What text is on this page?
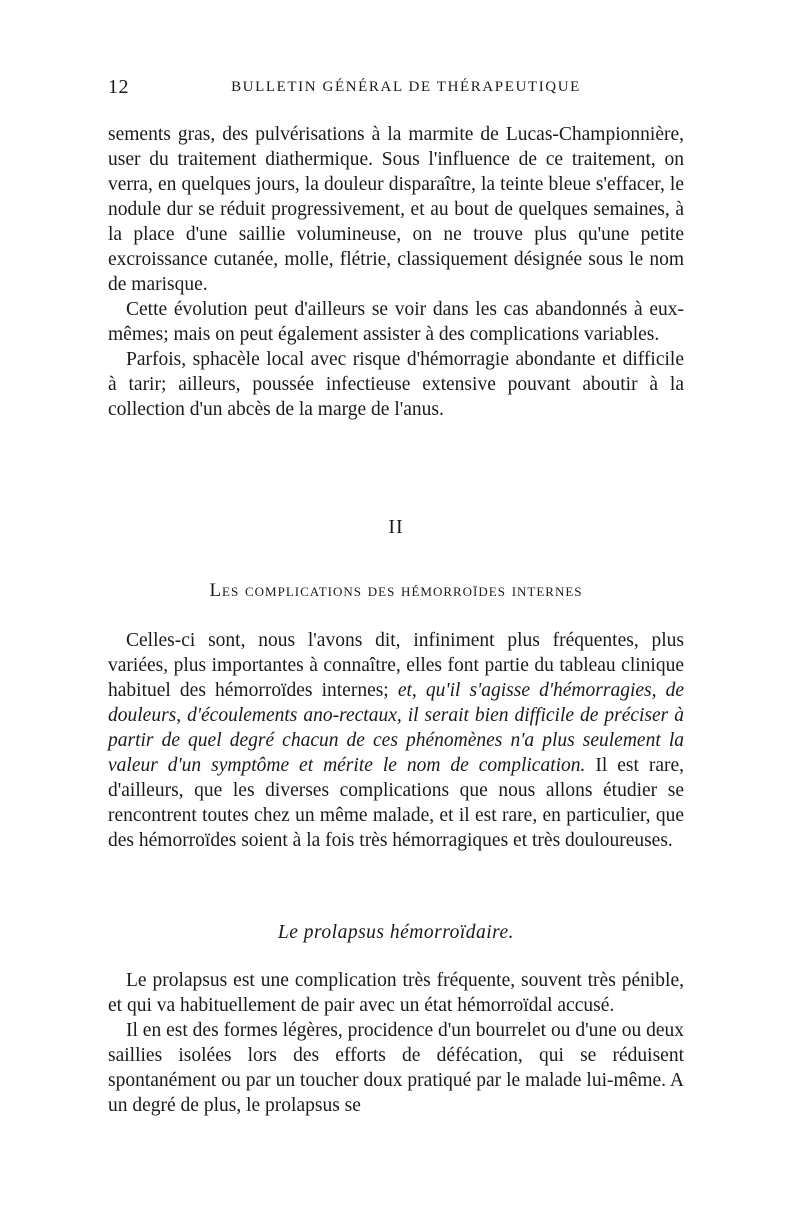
12	BULLETIN GÉNÉRAL DE THÉRAPEUTIQUE

sements gras, des pulvérisations à la marmite de Lucas-Championnière, user du traitement diathermique. Sous l'influence de ce traitement, on verra, en quelques jours, la douleur disparaître, la teinte bleue s'effacer, le nodule dur se réduit progressivement, et au bout de quelques semaines, à la place d'une saillie volumineuse, on ne trouve plus qu'une petite excroissance cutanée, molle, flétrie, classiquement désignée sous le nom de marisque.

Cette évolution peut d'ailleurs se voir dans les cas abandonnés à eux-mêmes; mais on peut également assister à des complications variables.

Parfois, sphacèle local avec risque d'hémorragie abondante et difficile à tarir; ailleurs, poussée infectieuse extensive pouvant aboutir à la collection d'un abcès de la marge de l'anus.

II
Les complications des hémorroïdes internes

Celles-ci sont, nous l'avons dit, infiniment plus fréquentes, plus variées, plus importantes à connaître, elles font partie du tableau clinique habituel des hémorroïdes internes; et, qu'il s'agisse d'hémorragies, de douleurs, d'écoulements ano-rectaux, il serait bien difficile de préciser à partir de quel degré chacun de ces phénomènes n'a plus seulement la valeur d'un symptôme et mérite le nom de complication. Il est rare, d'ailleurs, que les diverses complications que nous allons étudier se rencontrent toutes chez un même malade, et il est rare, en particulier, que des hémorroïdes soient à la fois très hémorragiques et très douloureuses.

Le prolapsus hémorroïdaire.

Le prolapsus est une complication très fréquente, souvent très pénible, et qui va habituellement de pair avec un état hémorroïdal accusé.

Il en est des formes légères, procidence d'un bourrelet ou d'une ou deux saillies isolées lors des efforts de défécation, qui se réduisent spontanément ou par un toucher doux pratiqué par le malade lui-même. A un degré de plus, le prolapsus se
